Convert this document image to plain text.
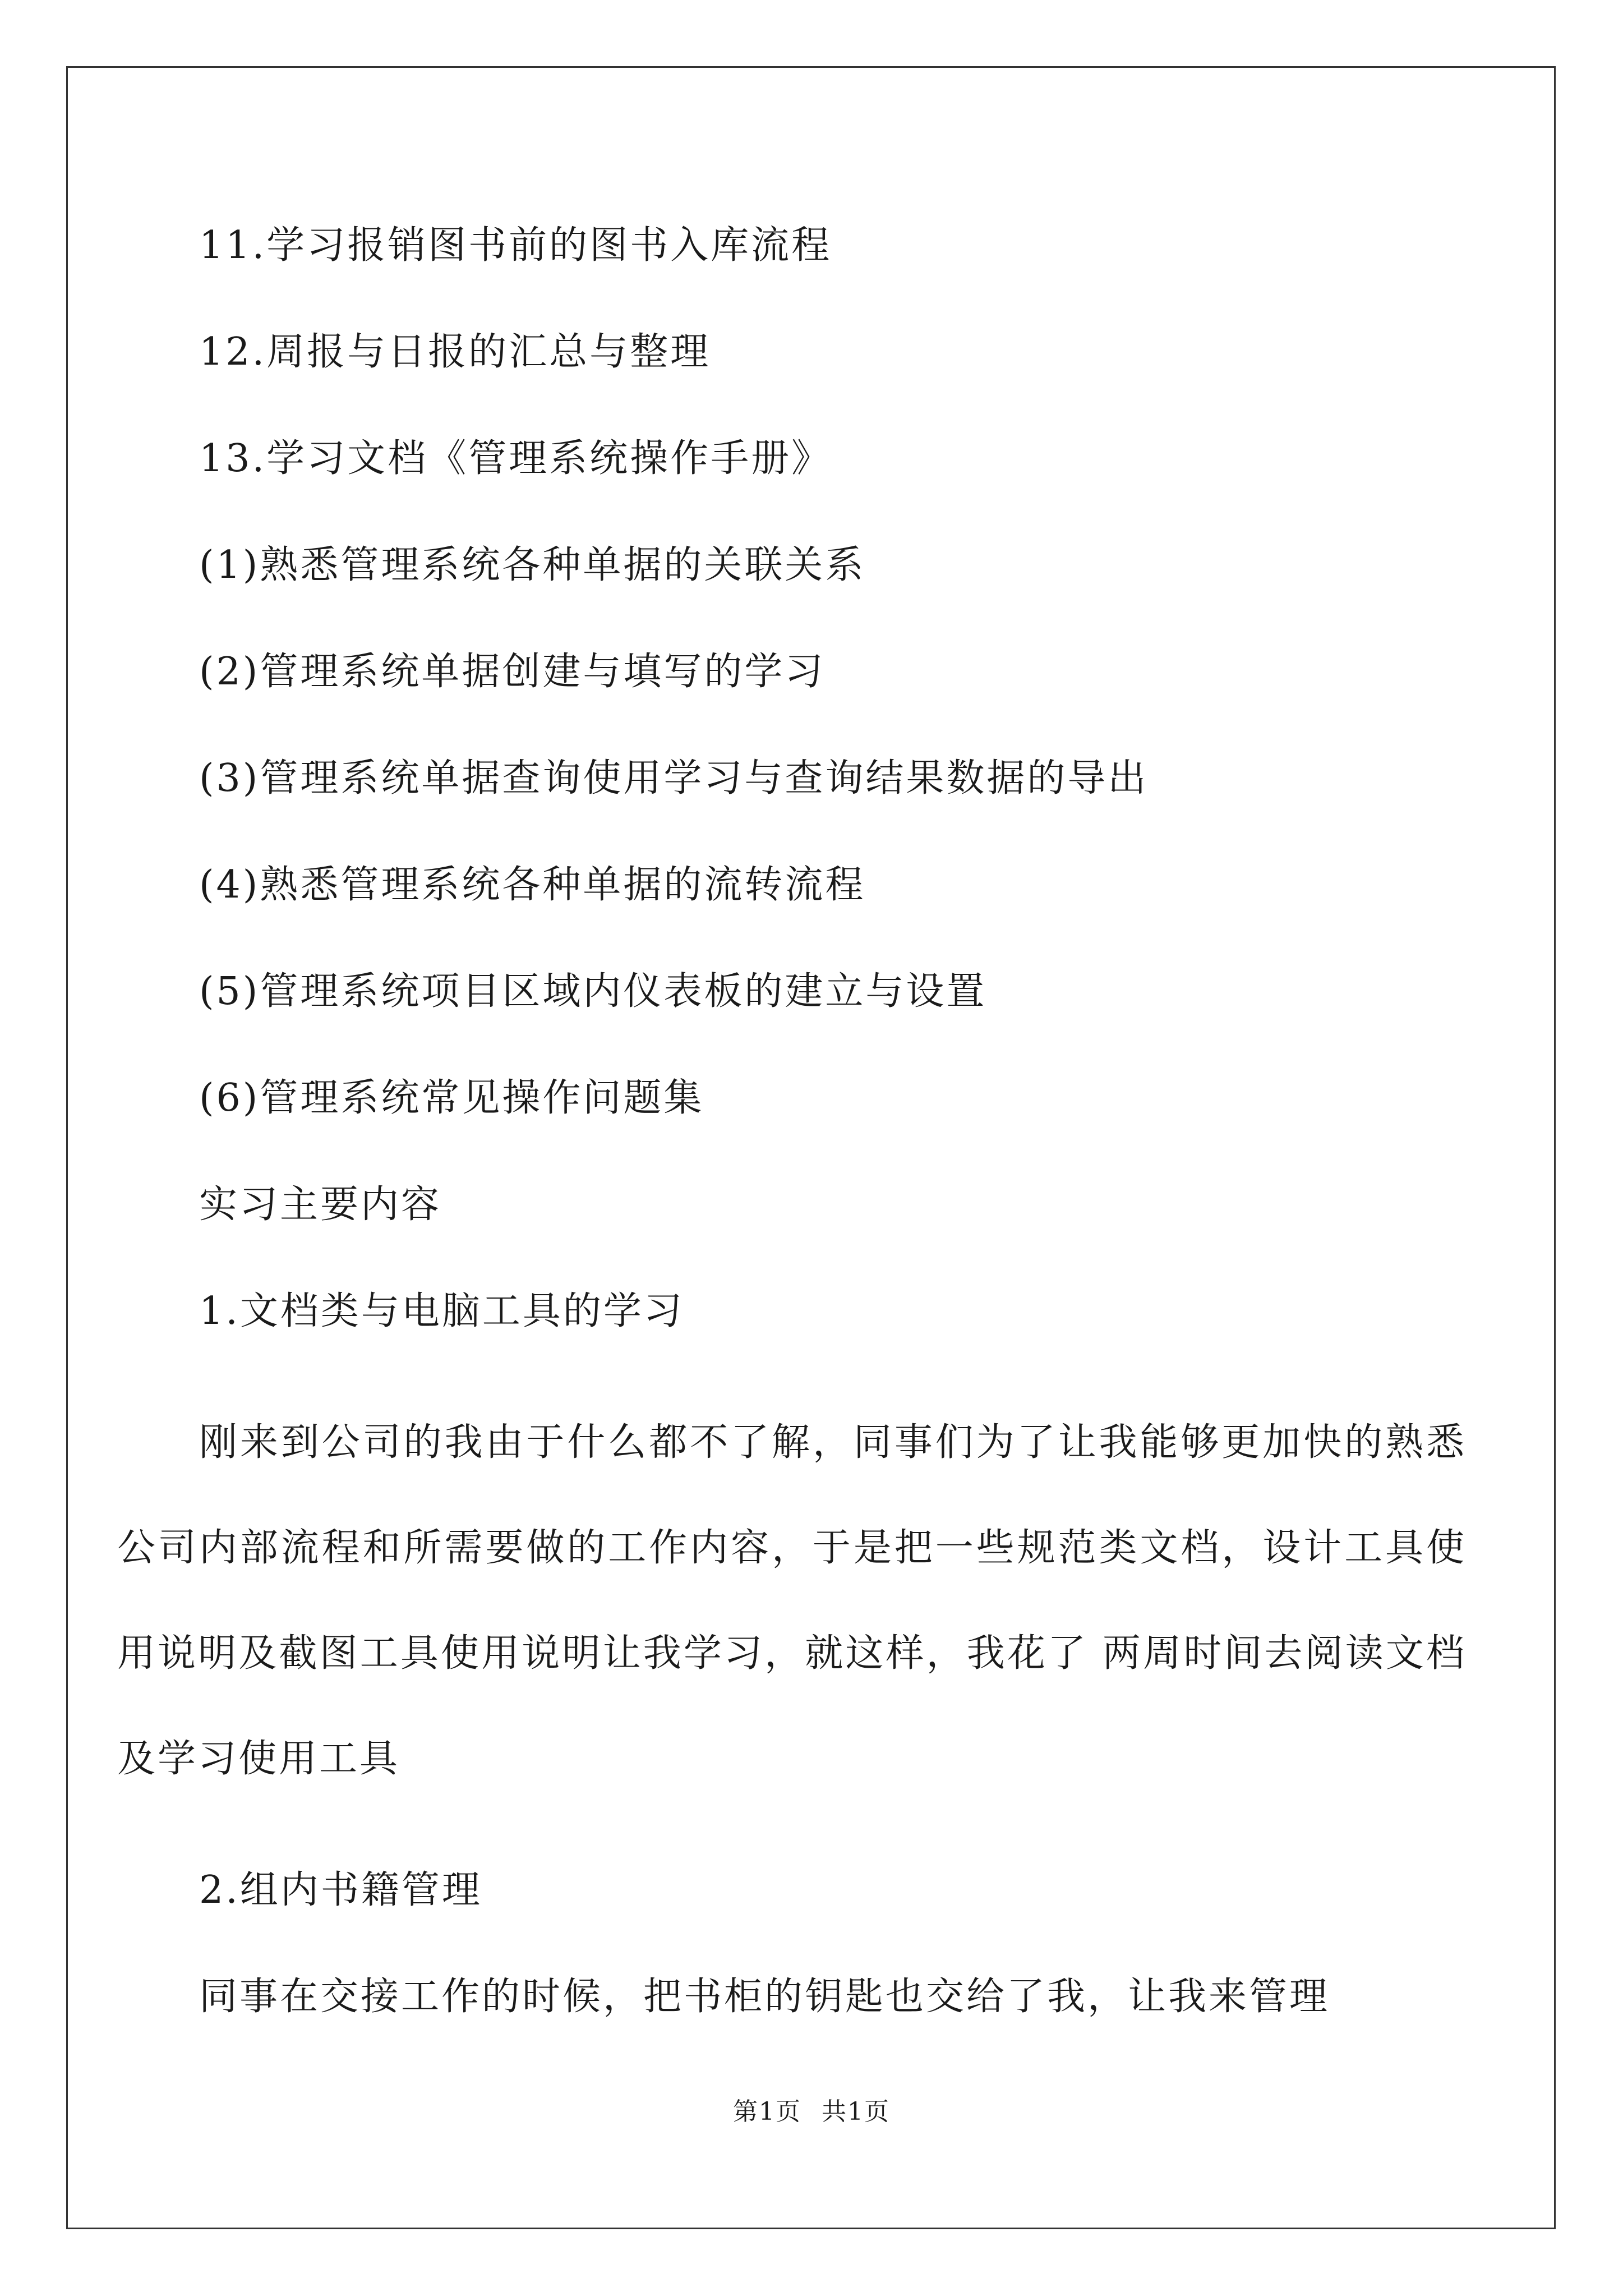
11.学习报销图书前的图书入库流程
12.周报与日报的汇总与整理
13.学习文档《管理系统操作手册》
(1)熟悉管理系统各种单据的关联关系
(2)管理系统单据创建与填写的学习
(3)管理系统单据查询使用学习与查询结果数据的导出
(4)熟悉管理系统各种单据的流转流程
(5)管理系统项目区域内仪表板的建立与设置
(6)管理系统常见操作问题集
实习主要内容
1.文档类与电脑工具的学习
刚来到公司的我由于什么都不了解，同事们为了让我能够更加快的熟悉公司内部流程和所需要做的工作内容，于是把一些规范类文档，设计工具使用说明及截图工具使用说明让我学习，就这样，我花了 两周时间去阅读文档及学习使用工具
2.组内书籍管理
同事在交接工作的时候，把书柜的钥匙也交给了我，让我来管理
第1页 共1页
